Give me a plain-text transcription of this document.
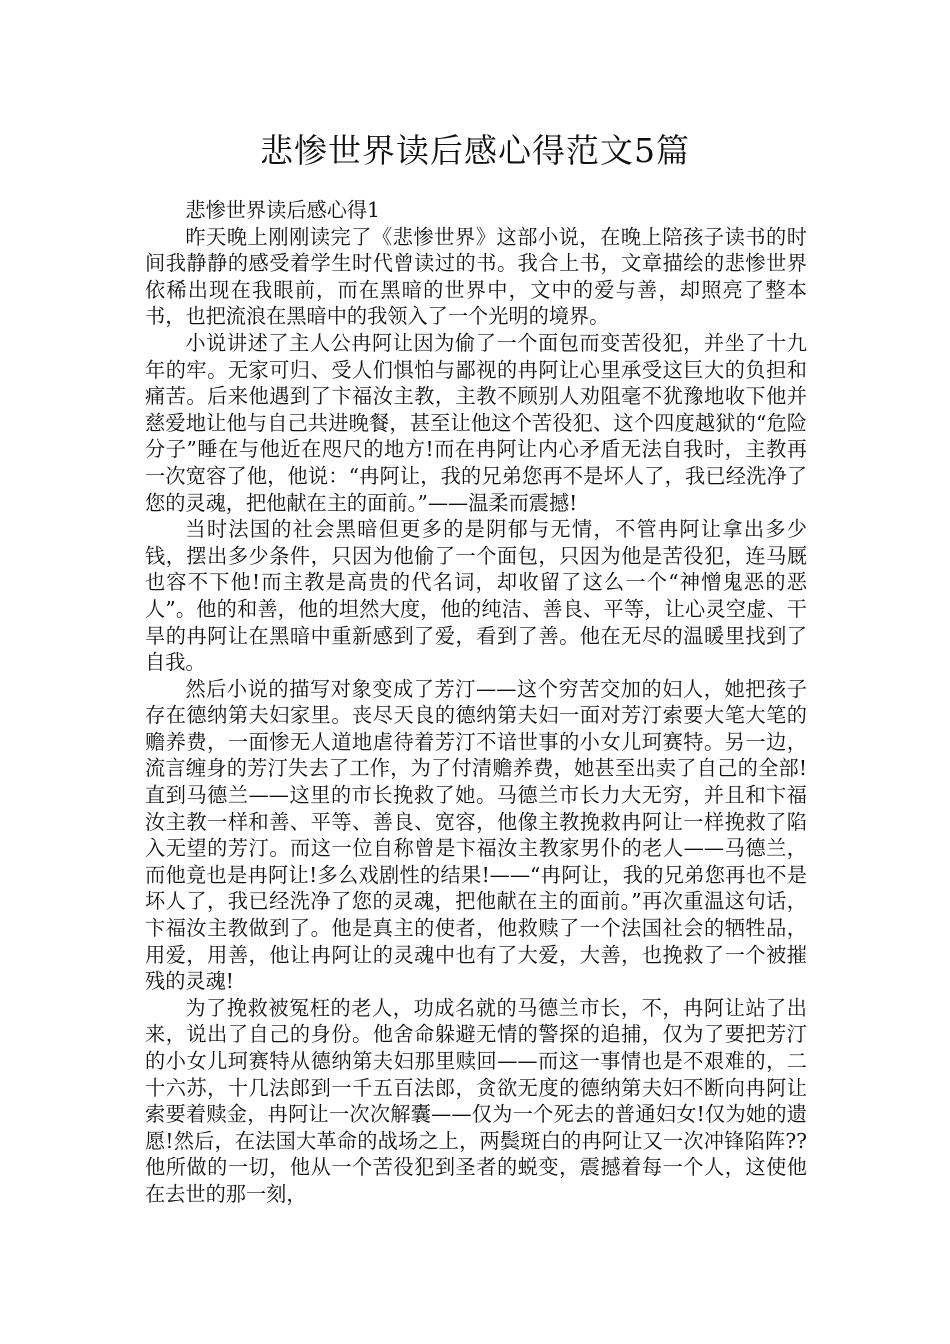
悲惨世界读后感心得范文5篇
悲惨世界读后感心得1

昨天晚上刚刚读完了《悲惨世界》这部小说，在晚上陪孩子读书的时间我静静的感受着学生时代曾读过的书。我合上书，文章描绘的悲惨世界依稀出现在我眼前，而在黑暗的世界中，文中的爱与善，却照亮了整本书，也把流浪在黑暗中的我领入了一个光明的境界。

小说讲述了主人公冉阿让因为偷了一个面包而变苦役犯，并坐了十九年的牢。无家可归、受人们惧怕与鄙视的冉阿让心里承受这巨大的负担和痛苦。后来他遇到了卞福汝主教，主教不顾别人劝阻毫不犹豫地收下他并慈爱地让他与自己共进晚餐，甚至让他这个苦役犯、这个四度越狱的“危险分子”睡在与他近在咫尺的地方!而在冉阿让内心矛盾无法自我时，主教再一次宽容了他，他说：“冉阿让，我的兄弟您再不是坏人了，我已经洗净了您的灵魂，把他献在主的面前。”——温柔而震撼!

当时法国的社会黑暗但更多的是阴郁与无情，不管冉阿让拿出多少钱，摆出多少条件，只因为他偷了一个面包，只因为他是苦役犯，连马厩也容不下他!而主教是高贵的代名词，却收留了这么一个“神憎鬼恶的恶人”。他的和善，他的坦然大度，他的纯洁、善良、平等，让心灵空虚、干旱的冉阿让在黑暗中重新感到了爱，看到了善。他在无尽的温暖里找到了自我。

然后小说的描写对象变成了芳汀——这个穷苦交加的妇人，她把孩子存在德纳第夫妇家里。丧尽天良的德纳第夫妇一面对芳汀索要大笔大笔的赡养费，一面惨无人道地虐待着芳汀不谙世事的小女儿珂赛特。另一边，流言缠身的芳汀失去了工作，为了付清赡养费，她甚至出卖了自己的全部!直到马德兰——这里的市长挽救了她。马德兰市长力大无穷，并且和卞福汝主教一样和善、平等、善良、宽容，他像主教挽救冉阿让一样挽救了陷入无望的芳汀。而这一位自称曾是卞福汝主教家男仆的老人——马德兰，而他竟也是冉阿让!多么戏剧性的结果!——“冉阿让，我的兄弟您再也不是坏人了，我已经洗净了您的灵魂，把他献在主的面前。”再次重温这句话，卞福汝主教做到了。他是真主的使者，他救赎了一个法国社会的牺牲品，用爱，用善，他让冉阿让的灵魂中也有了大爱，大善，也挽救了一个被摧残的灵魂!

为了挽救被冤枉的老人，功成名就的马德兰市长，不，冉阿让站了出来，说出了自己的身份。他舍命躲避无情的警探的追捕，仅为了要把芳汀的小女儿珂赛特从德纳第夫妇那里赎回——而这一事情也是不艰难的，二十六苏，十几法郎到一千五百法郎，贪欲无度的德纳第夫妇不断向冉阿让索要着赎金，冉阿让一次次解囊——仅为一个死去的普通妇女!仅为她的遗愿!然后，在法国大革命的战场之上，两鬓斑白的冉阿让又一次冲锋陷阵??他所做的一切，他从一个苦役犯到圣者的蜕变，震撼着每一个人，这使他在去世的那一刻，
